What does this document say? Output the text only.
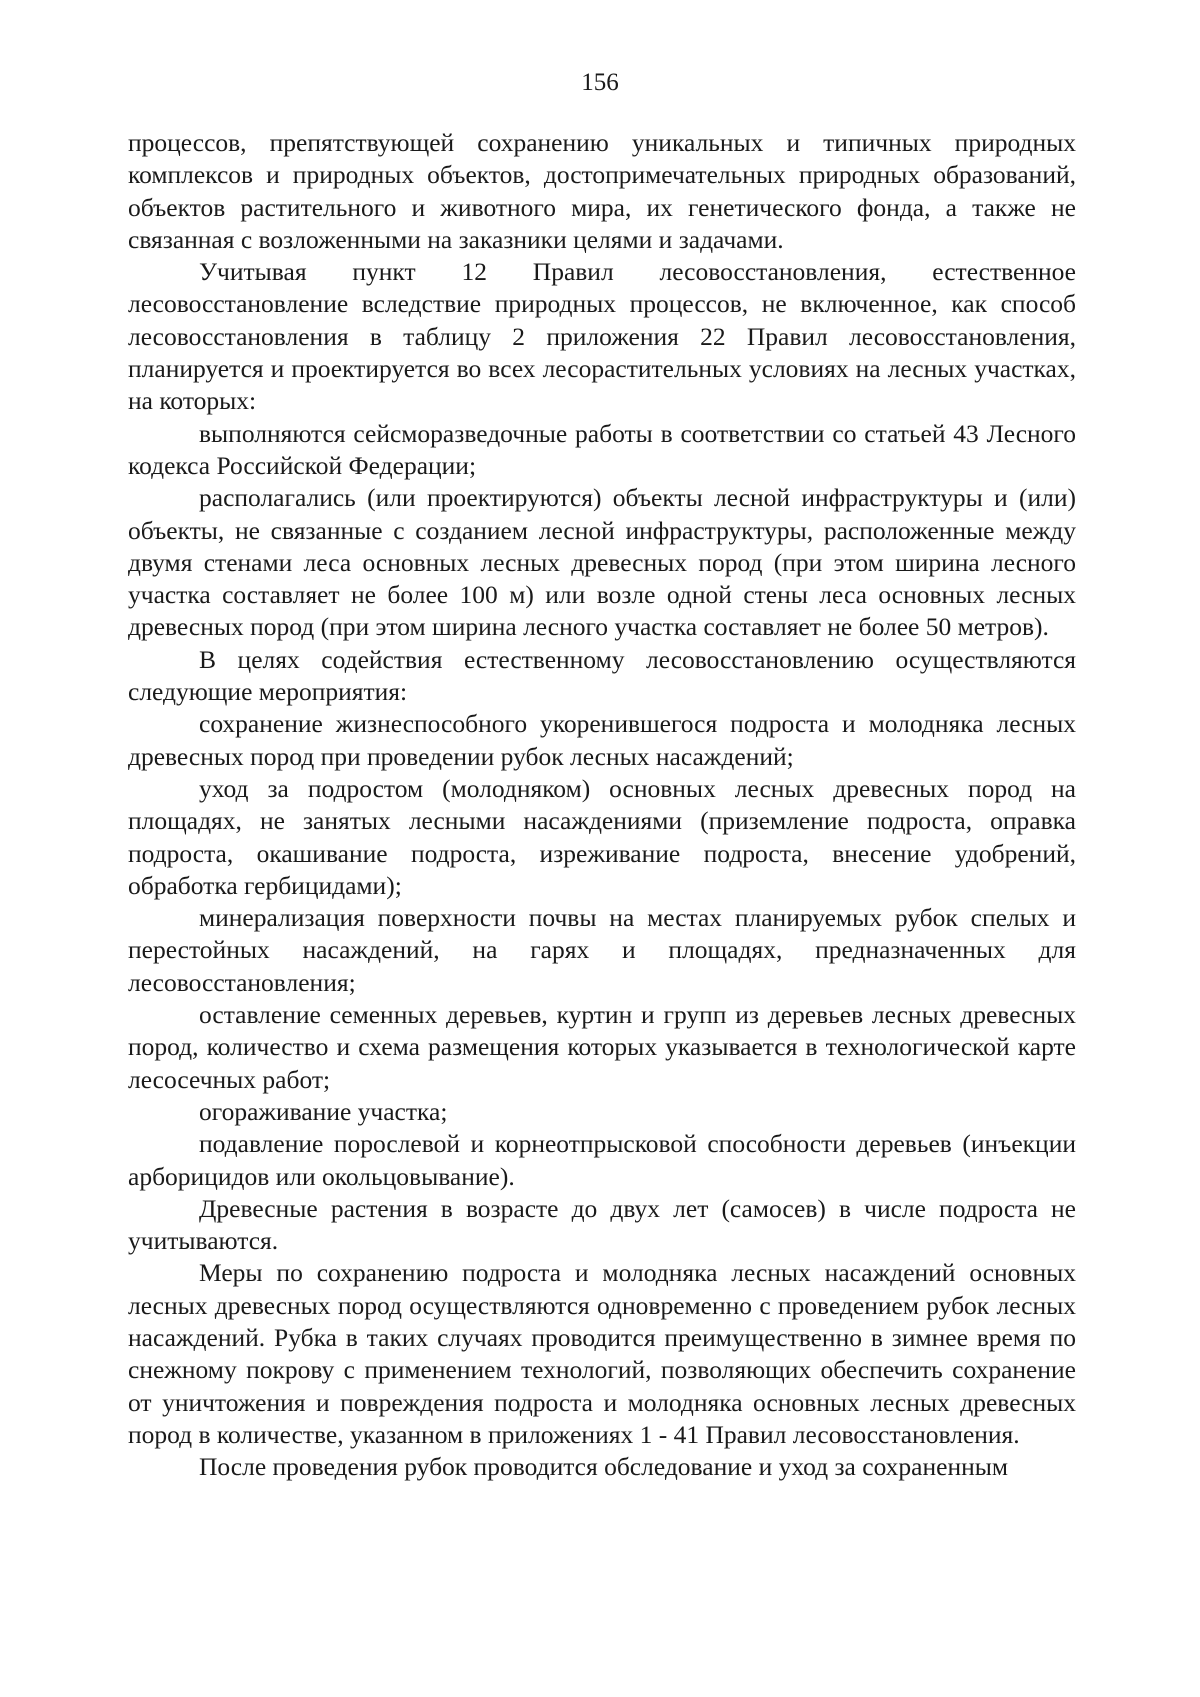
156

процессов, препятствующей сохранению уникальных и типичных природных комплексов и природных объектов, достопримечательных природных образований, объектов растительного и животного мира, их генетического фонда, а также не связанная с возложенными на заказники целями и задачами.

Учитывая пункт 12 Правил лесовосстановления, естественное лесовосстановление вследствие природных процессов, не включенное, как способ лесовосстановления в таблицу 2 приложения 22 Правил лесовосстановления, планируется и проектируется во всех лесорастительных условиях на лесных участках, на которых:

выполняются сейсморазведочные работы в соответствии со статьей 43 Лесного кодекса Российской Федерации;

располагались (или проектируются) объекты лесной инфраструктуры и (или) объекты, не связанные с созданием лесной инфраструктуры, расположенные между двумя стенами леса основных лесных древесных пород (при этом ширина лесного участка составляет не более 100 м) или возле одной стены леса основных лесных древесных пород (при этом ширина лесного участка составляет не более 50 метров).

В целях содействия естественному лесовосстановлению осуществляются следующие мероприятия:

сохранение жизнеспособного укоренившегося подроста и молодняка лесных древесных пород при проведении рубок лесных насаждений;

уход за подростом (молодняком) основных лесных древесных пород на площадях, не занятых лесными насаждениями (приземление подроста, оправка подроста, окашивание подроста, изреживание подроста, внесение удобрений, обработка гербицидами);

минерализация поверхности почвы на местах планируемых рубок спелых и перестойных насаждений, на гарях и площадях, предназначенных для лесовосстановления;

оставление семенных деревьев, куртин и групп из деревьев лесных древесных пород, количество и схема размещения которых указывается в технологической карте лесосечных работ;

огораживание участка;

подавление порослевой и корнеотпрысковой способности деревьев (инъекции арборицидов или окольцовывание).

Древесные растения в возрасте до двух лет (самосев) в числе подроста не учитываются.

Меры по сохранению подроста и молодняка лесных насаждений основных лесных древесных пород осуществляются одновременно с проведением рубок лесных насаждений. Рубка в таких случаях проводится преимущественно в зимнее время по снежному покрову с применением технологий, позволяющих обеспечить сохранение от уничтожения и повреждения подроста и молодняка основных лесных древесных пород в количестве, указанном в приложениях 1 - 41 Правил лесовосстановления.

После проведения рубок проводится обследование и уход за сохраненным
